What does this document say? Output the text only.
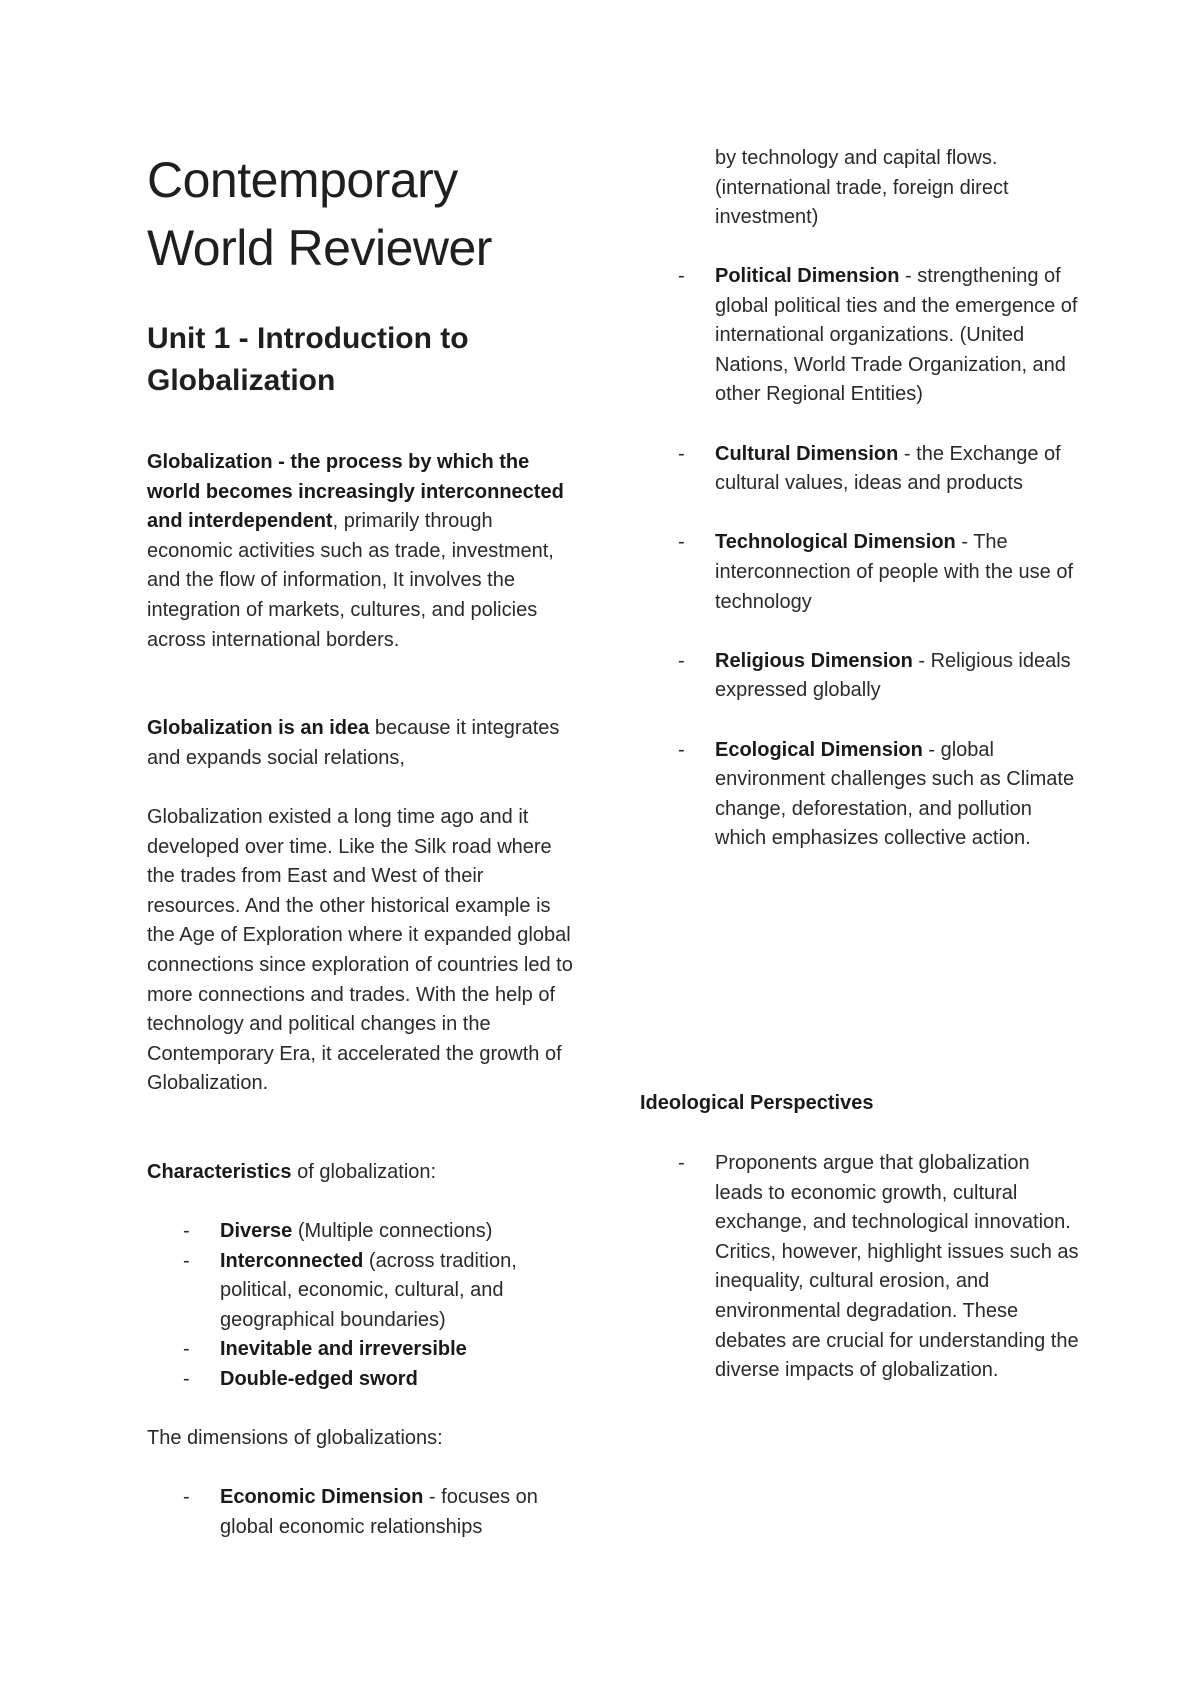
Contemporary
World Reviewer
Unit 1 - Introduction to
Globalization

Globalization - the process by which the world becomes increasingly interconnected and interdependent, primarily through economic activities such as trade, investment, and the flow of information, It involves the integration of markets, cultures, and policies across international borders.

Globalization is an idea because it integrates and expands social relations,

Globalization existed a long time ago and it developed over time. Like the Silk road where the trades from East and West of their resources. And the other historical example is the Age of Exploration where it expanded global connections since exploration of countries led to more connections and trades. With the help of technology and political changes in the Contemporary Era, it accelerated the growth of Globalization.

Characteristics of globalization:

- Diverse (Multiple connections)
- Interconnected (across tradition, political, economic, cultural, and geographical boundaries)
- Inevitable and irreversible
- Double-edged sword

The dimensions of globalizations:

- Economic Dimension - focuses on global economic relationships

by technology and capital flows. (international trade, foreign direct investment)

- Political Dimension - strengthening of global political ties and the emergence of international organizations. (United Nations, World Trade Organization, and other Regional Entities)
- Cultural Dimension - the Exchange of cultural values, ideas and products
- Technological Dimension - The interconnection of people with the use of technology
- Religious Dimension - Religious ideals expressed globally
- Ecological Dimension - global environment challenges such as Climate change, deforestation, and pollution which emphasizes collective action.
Ideological Perspectives
- Proponents argue that globalization leads to economic growth, cultural exchange, and technological innovation. Critics, however, highlight issues such as inequality, cultural erosion, and environmental degradation. These debates are crucial for understanding the diverse impacts of globalization.
